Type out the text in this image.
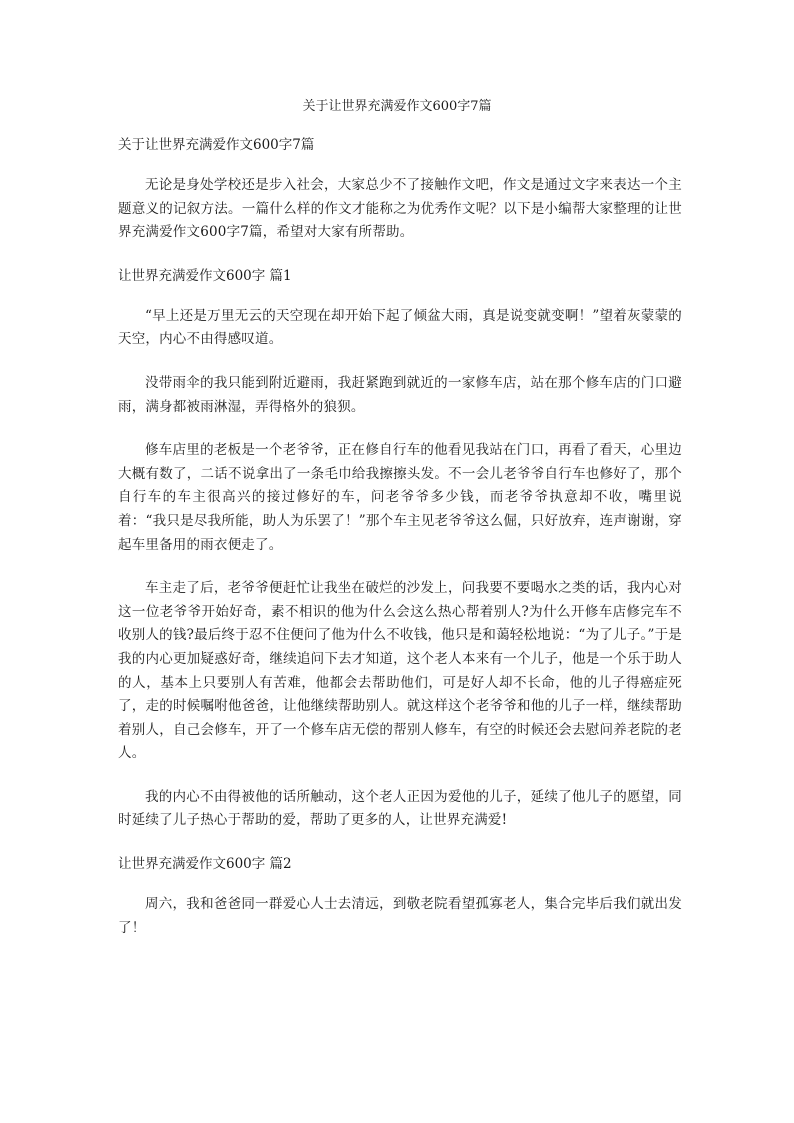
关于让世界充满爱作文600字7篇
关于让世界充满爱作文600字7篇

无论是身处学校还是步入社会，大家总少不了接触作文吧，作文是通过文字来表达一个主题意义的记叙方法。一篇什么样的作文才能称之为优秀作文呢？以下是小编帮大家整理的让世界充满爱作文600字7篇，希望对大家有所帮助。

让世界充满爱作文600字 篇1

“早上还是万里无云的天空现在却开始下起了倾盆大雨，真是说变就变啊！”望着灰蒙蒙的天空，内心不由得感叹道。

没带雨伞的我只能到附近避雨，我赶紧跑到就近的一家修车店，站在那个修车店的门口避雨，满身都被雨淋湿，弄得格外的狼狈。

修车店里的老板是一个老爷爷，正在修自行车的他看见我站在门口，再看了看天，心里边大概有数了，二话不说拿出了一条毛巾给我擦擦头发。不一会儿老爷爷自行车也修好了，那个自行车的车主很高兴的接过修好的车，问老爷爷多少钱，而老爷爷执意却不收，嘴里说着：“我只是尽我所能，助人为乐罢了！”那个车主见老爷爷这么倔，只好放弃，连声谢谢，穿起车里备用的雨衣便走了。

车主走了后，老爷爷便赶忙让我坐在破烂的沙发上，问我要不要喝水之类的话，我内心对这一位老爷爷开始好奇，素不相识的他为什么会这么热心帮着别人?为什么开修车店修完车不收别人的钱?最后终于忍不住便问了他为什么不收钱，他只是和蔼轻松地说：“为了儿子。”于是我的内心更加疑惑好奇，继续追问下去才知道，这个老人本来有一个儿子，他是一个乐于助人的人，基本上只要别人有苦难，他都会去帮助他们，可是好人却不长命，他的儿子得癌症死了，走的时候嘱咐他爸爸，让他继续帮助别人。就这样这个老爷爷和他的儿子一样，继续帮助着别人，自己会修车，开了一个修车店无偿的帮别人修车，有空的时候还会去慰问养老院的老人。

我的内心不由得被他的话所触动，这个老人正因为爱他的儿子，延续了他儿子的愿望，同时延续了儿子热心于帮助的爱，帮助了更多的人，让世界充满爱!

让世界充满爱作文600字 篇2

周六，我和爸爸同一群爱心人士去清远，到敬老院看望孤寡老人，集合完毕后我们就出发了！
